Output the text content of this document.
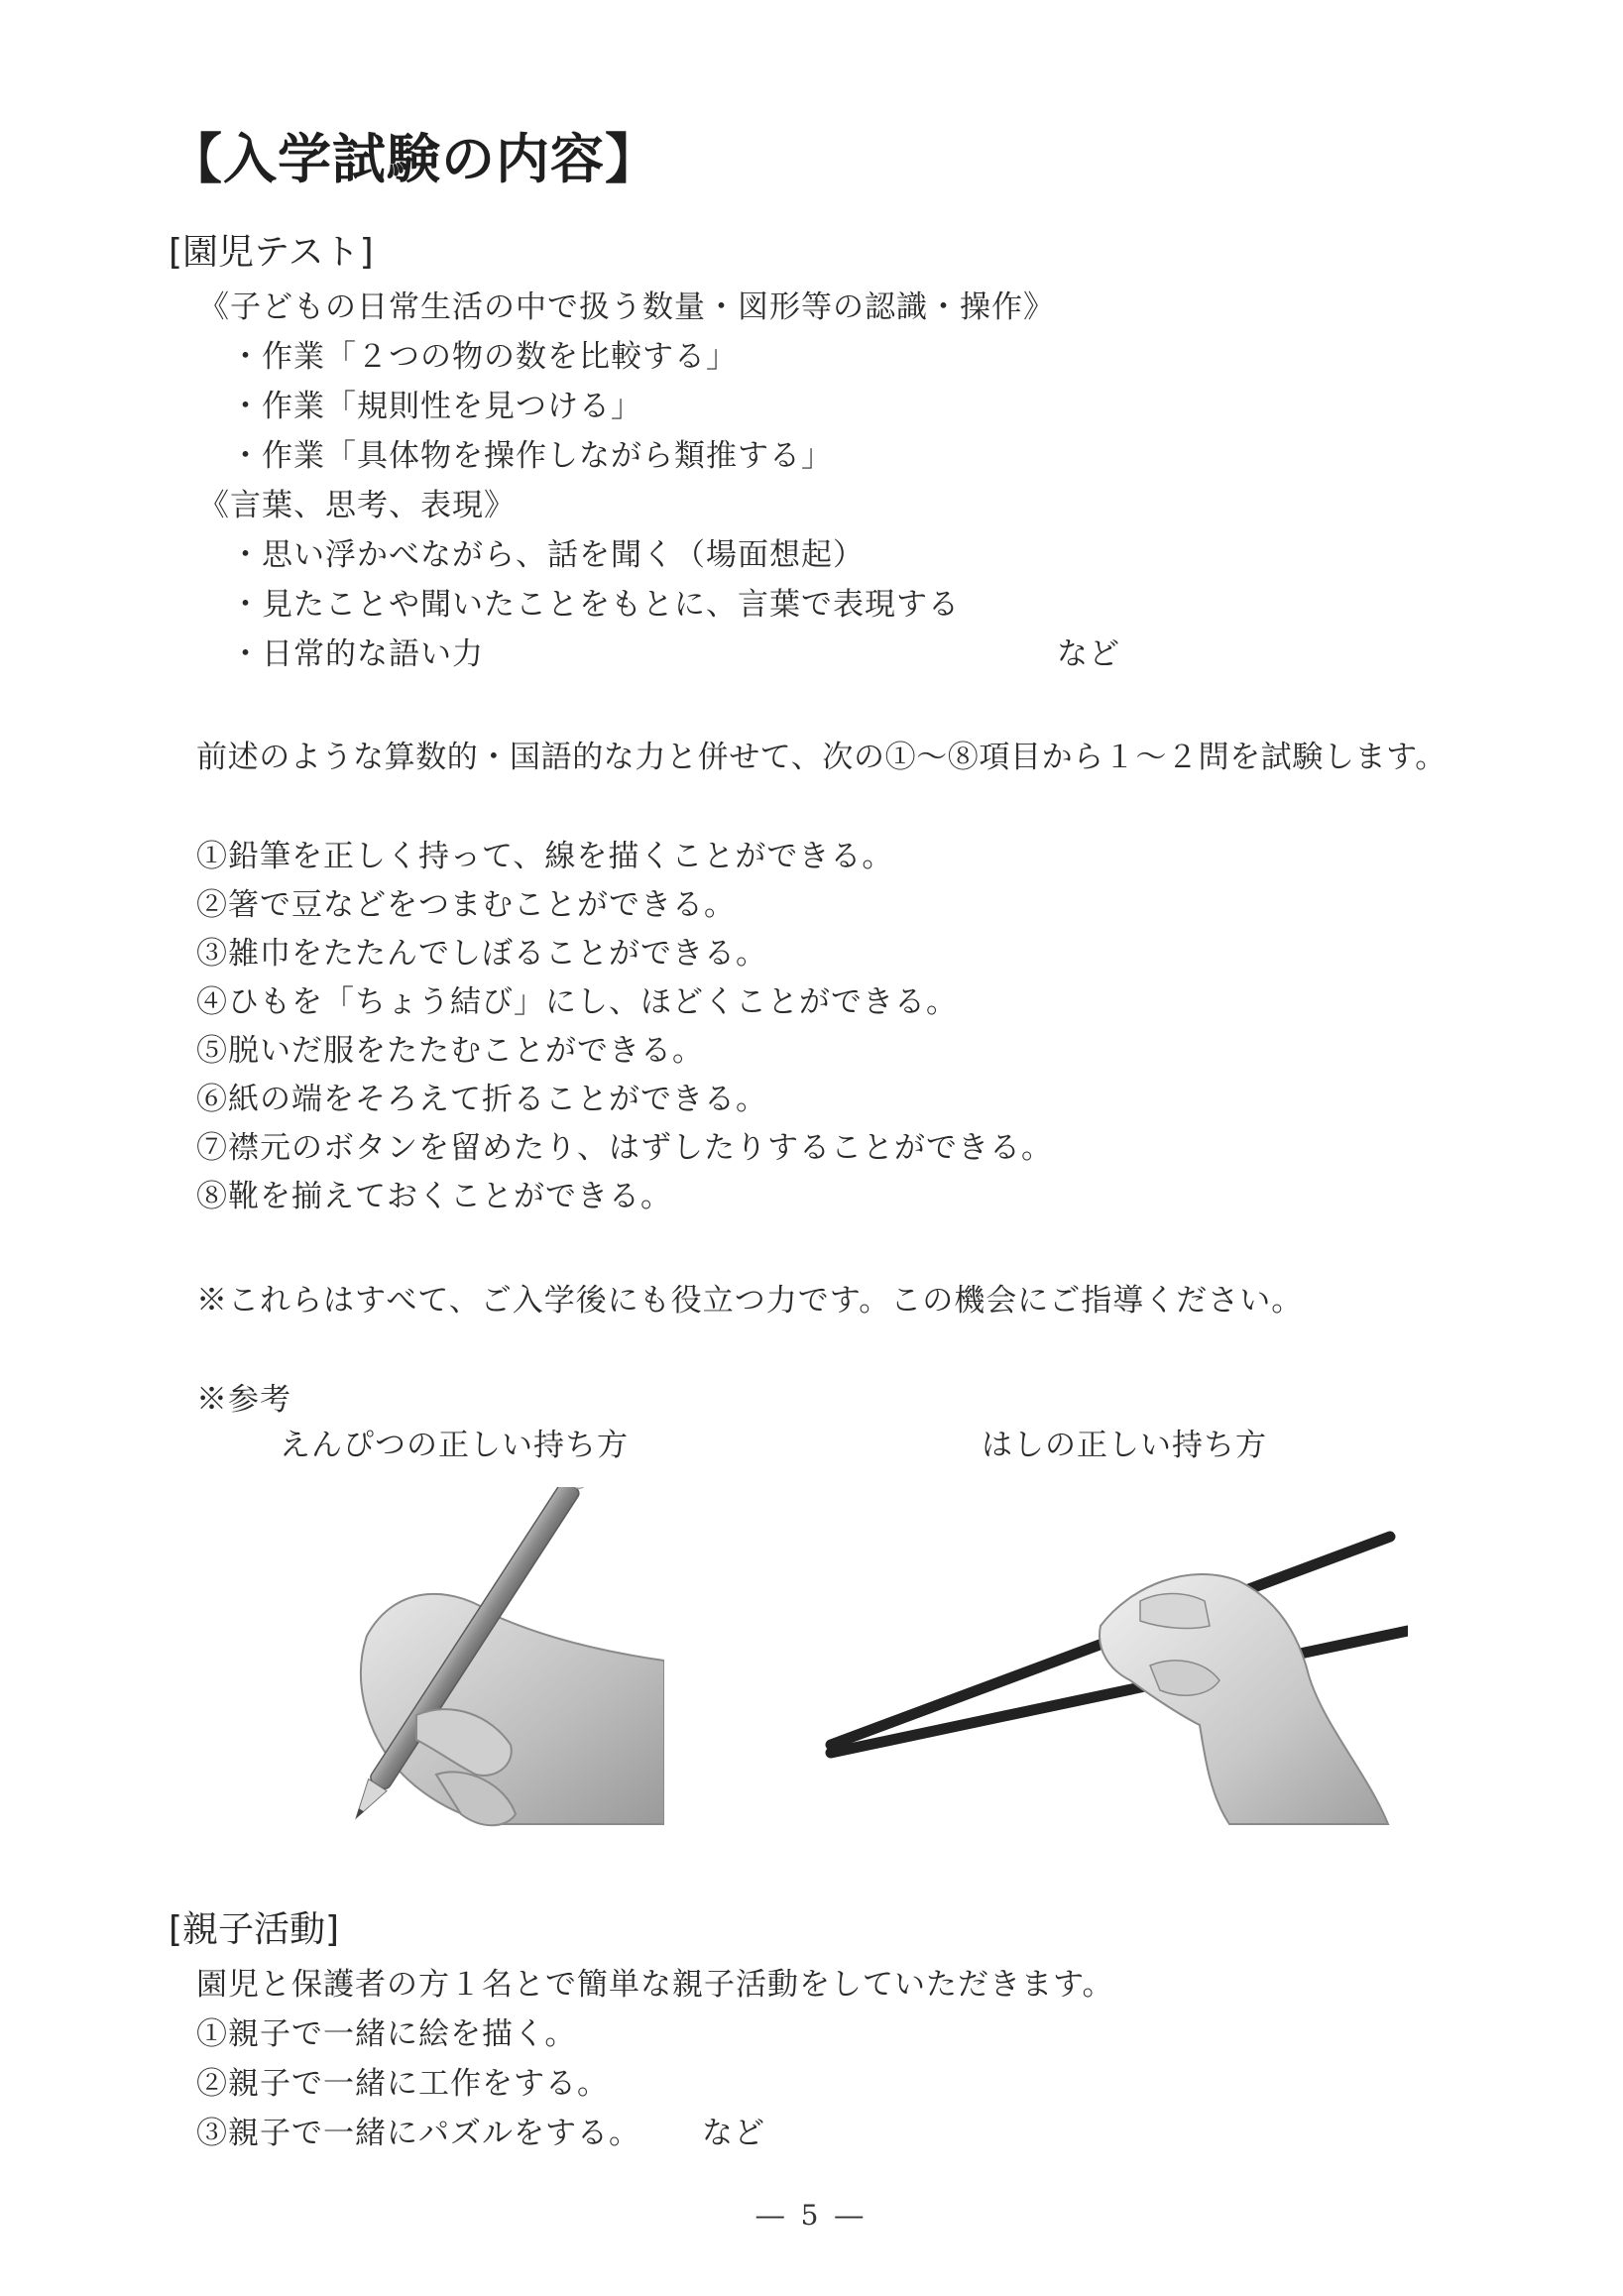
【入学試験の内容】
[園児テスト]
《子どもの日常生活の中で扱う数量・図形等の認識・操作》
・作業「２つの物の数を比較する」
・作業「規則性を見つける」
・作業「具体物を操作しながら類推する」
《言葉、思考、表現》
・思い浮かべながら、話を聞く（場面想起）
・見たことや聞いたことをもとに、言葉で表現する
・日常的な語い力	など
前述のような算数的・国語的な力と併せて、次の①～⑧項目から１～２問を試験します。
①鉛筆を正しく持って、線を描くことができる。
②箸で豆などをつまむことができる。
③雑巾をたたんでしぼることができる。
④ひもを「ちょう結び」にし、ほどくことができる。
⑤脱いだ服をたたむことができる。
⑥紙の端をそろえて折ることができる。
⑦襟元のボタンを留めたり、はずしたりすることができる。
⑧靴を揃えておくことができる。
※これらはすべて、ご入学後にも役立つ力です。この機会にご指導ください。
※参考
えんぴつの正しい持ち方	はしの正しい持ち方
[親子活動]
園児と保護者の方１名とで簡単な親子活動をしていただきます。
①親子で一緒に絵を描く。
②親子で一緒に工作をする。
③親子で一緒にパズルをする。 など
― 5 ―
